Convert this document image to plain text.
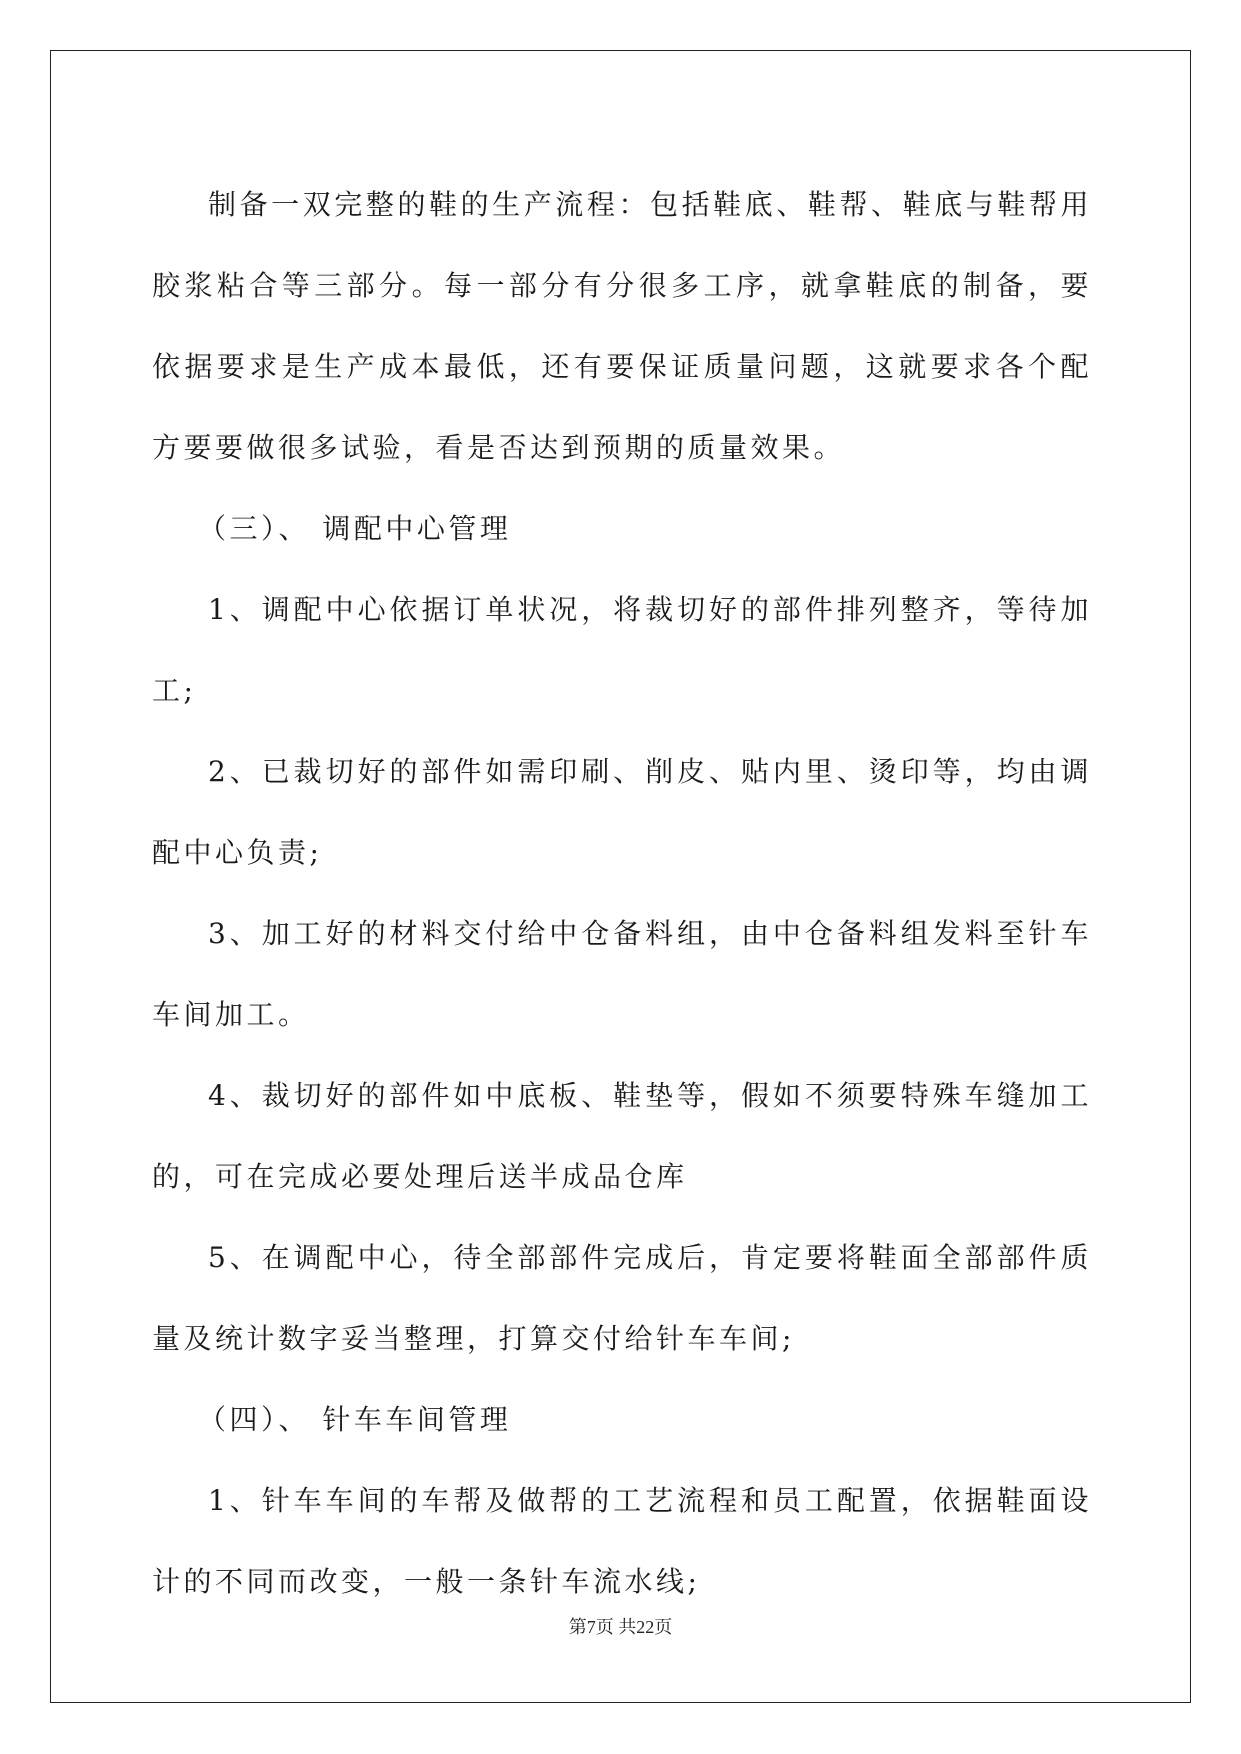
制备一双完整的鞋的生产流程：包括鞋底、鞋帮、鞋底与鞋帮用胶浆粘合等三部分。每一部分有分很多工序，就拿鞋底的制备，要依据要求是生产成本最低，还有要保证质量问题，这就要求各个配方要要做很多试验，看是否达到预期的质量效果。

（三）、 调配中心管理

1、调配中心依据订单状况，将裁切好的部件排列整齐，等待加工;

2、已裁切好的部件如需印刷、削皮、贴内里、烫印等，均由调配中心负责;

3、加工好的材料交付给中仓备料组，由中仓备料组发料至针车车间加工。

4、裁切好的部件如中底板、鞋垫等，假如不须要特殊车缝加工的，可在完成必要处理后送半成品仓库

5、在调配中心，待全部部件完成后，肯定要将鞋面全部部件质量及统计数字妥当整理，打算交付给针车车间;

（四）、 针车车间管理

1、针车车间的车帮及做帮的工艺流程和员工配置，依据鞋面设计的不同而改变，一般一条针车流水线;

第7页 共22页
